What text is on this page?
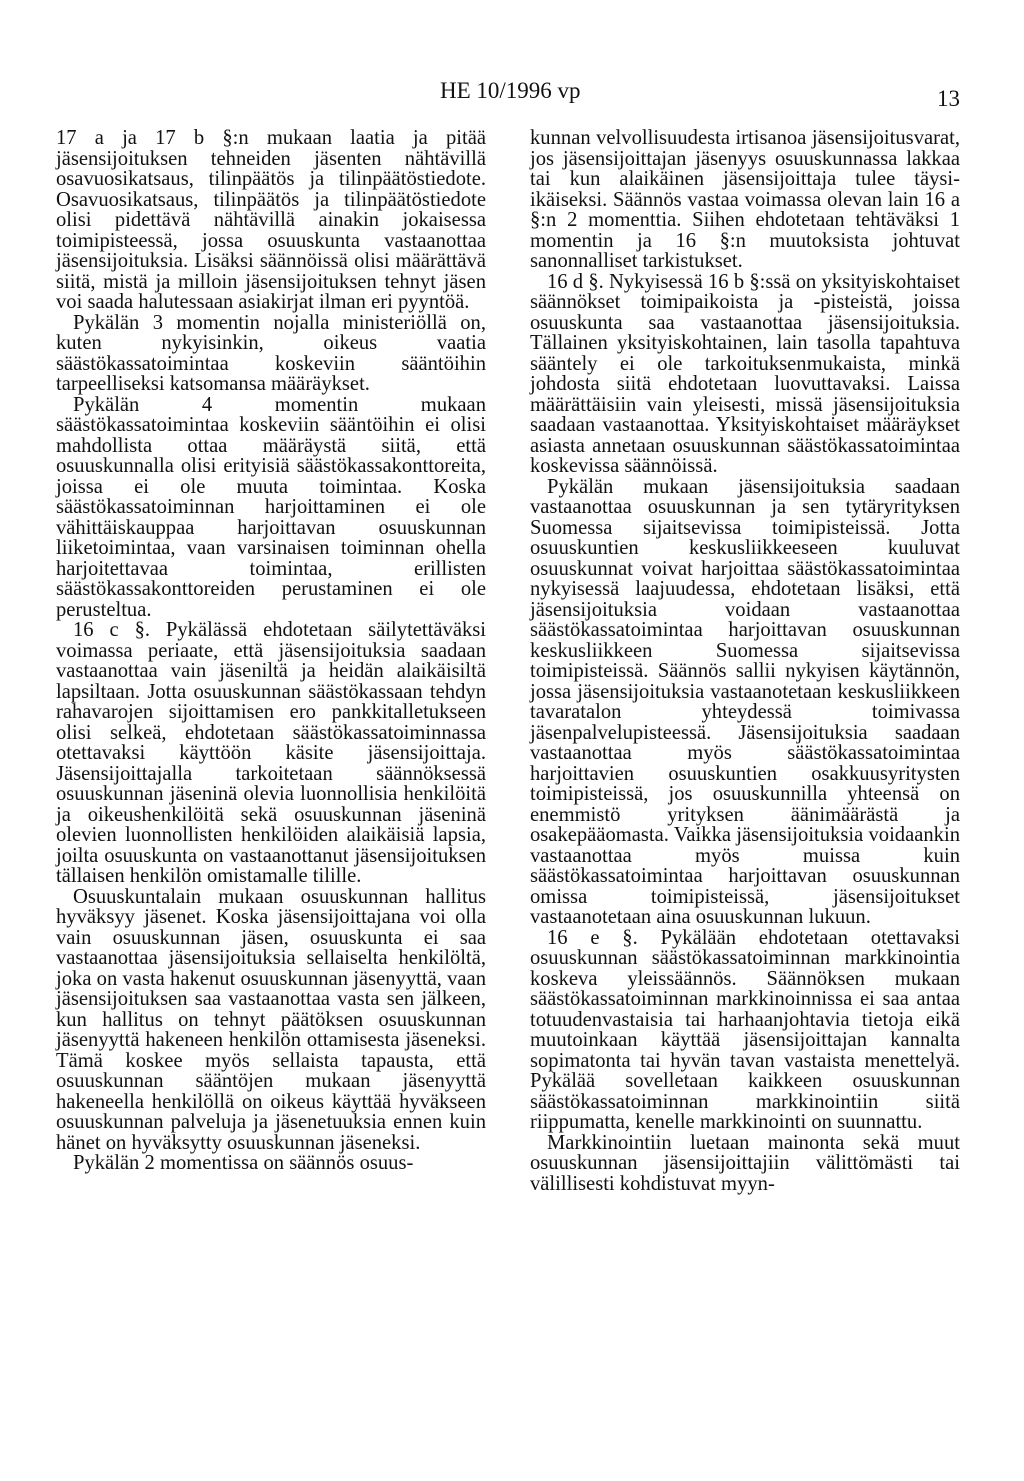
HE 10/1996 vp	13

17 a ja 17 b §:n mukaan laatia ja pitää jäsensijoituksen tehneiden jäsenten nähtävillä osavuosikatsaus, tilinpäätös ja tilinpäätöstiedote. Osavuosikatsaus, tilinpäätös ja tilinpäätöstiedote olisi pidettävä nähtävillä ainakin jokaisessa toimipisteessä, jossa osuuskunta vastaanottaa jäsensijoituksia. Lisäksi säännöissä olisi määrättävä siitä, mistä ja milloin jäsensijoituksen tehnyt jäsen voi saada halutessaan asiakirjat ilman eri pyyntöä.

Pykälän 3 momentin nojalla ministeriöllä on, kuten nykyisinkin, oikeus vaatia säästökassatoimintaa koskeviin sääntöihin tarpeelliseksi katsomansa määräykset.

Pykälän 4 momentin mukaan säästökassatoimintaa koskeviin sääntöihin ei olisi mahdollista ottaa määräystä siitä, että osuuskunnalla olisi erityisiä säästökassakonttoreita, joissa ei ole muuta toimintaa. Koska säästökassatoiminnan harjoittaminen ei ole vähittäiskauppaa harjoittavan osuuskunnan liiketoimintaa, vaan varsinaisen toiminnan ohella harjoitettavaa toimintaa, erillisten säästökassakonttoreiden perustaminen ei ole perusteltua.

16 c §. Pykälässä ehdotetaan säilytettäväksi voimassa periaate, että jäsensijoituksia saadaan vastaanottaa vain jäseniltä ja heidän alaikäisiltä lapsiltaan. Jotta osuuskunnan säästökassaan tehdyn rahavarojen sijoittamisen ero pankkitalletukseen olisi selkeä, ehdotetaan säästökassatoiminnassa otettavaksi käyttöön käsite jäsensijoittaja. Jäsensijoittajalla tarkoitetaan säännöksessä osuuskunnan jäseninä olevia luonnollisia henkilöitä ja oikeushenkilöitä sekä osuuskunnan jäseninä olevien luonnollisten henkilöiden alaikäisiä lapsia, joilta osuuskunta on vastaanottanut jäsensijoituksen tällaisen henkilön omistamalle tilille.

Osuuskuntalain mukaan osuuskunnan hallitus hyväksyy jäsenet. Koska jäsensijoittajana voi olla vain osuuskunnan jäsen, osuuskunta ei saa vastaanottaa jäsensijoituksia sellaiselta henkilöltä, joka on vasta hakenut osuuskunnan jäsenyyttä, vaan jäsensijoituksen saa vastaanottaa vasta sen jälkeen, kun hallitus on tehnyt päätöksen osuuskunnan jäsenyyttä hakeneen henkilön ottamisesta jäseneksi. Tämä koskee myös sellaista tapausta, että osuuskunnan sääntöjen mukaan jäsenyyttä hakeneella henkilöllä on oikeus käyttää hyväkseen osuuskunnan palveluja ja jäsenetuuksia ennen kuin hänet on hyväksytty osuuskunnan jäseneksi.

Pykälän 2 momentissa on säännös osuus-

kunnan velvollisuudesta irtisanoa jäsensijoitusvarat, jos jäsensijoittajan jäsenyys osuuskunnassa lakkaa tai kun alaikäinen jäsensijoittaja tulee täysi-ikäiseksi. Säännös vastaa voimassa olevan lain 16 a §:n 2 momenttia. Siihen ehdotetaan tehtäväksi 1 momentin ja 16 §:n muutoksista johtuvat sanonnalliset tarkistukset.

16 d §. Nykyisessä 16 b §:ssä on yksityiskohtaiset säännökset toimipaikoista ja -pisteistä, joissa osuuskunta saa vastaanottaa jäsensijoituksia. Tällainen yksityiskohtainen, lain tasolla tapahtuva sääntely ei ole tarkoituksenmukaista, minkä johdosta siitä ehdotetaan luovuttavaksi. Laissa määrättäisiin vain yleisesti, missä jäsensijoituksia saadaan vastaanottaa. Yksityiskohtaiset määräykset asiasta annetaan osuuskunnan säästökassatoimintaa koskevissa säännöissä.

Pykälän mukaan jäsensijoituksia saadaan vastaanottaa osuuskunnan ja sen tytäryrityksen Suomessa sijaitsevissa toimipisteissä. Jotta osuuskuntien keskusliikkeeseen kuuluvat osuuskunnat voivat harjoittaa säästökassatoimintaa nykyisessä laajuudessa, ehdotetaan lisäksi, että jäsensijoituksia voidaan vastaanottaa säästökassatoimintaa harjoittavan osuuskunnan keskusliikkeen Suomessa sijaitsevissa toimipisteissä. Säännös sallii nykyisen käytännön, jossa jäsensijoituksia vastaanotetaan keskusliikkeen tavaratalon yhteydessä toimivassa jäsenpalvelupisteessä. Jäsensijoituksia saadaan vastaanottaa myös säästökassatoimintaa harjoittavien osuuskuntien osakkuusyritysten toimipisteissä, jos osuuskunnilla yhteensä on enemmistö yrityksen äänimäärästä ja osakepääomasta. Vaikka jäsensijoituksia voidaankin vastaanottaa myös muissa kuin säästökassatoimintaa harjoittavan osuuskunnan omissa toimipisteissä, jäsensijoitukset vastaanotetaan aina osuuskunnan lukuun.

16 e §. Pykälään ehdotetaan otettavaksi osuuskunnan säästökassatoiminnan markkinointia koskeva yleissäännös. Säännöksen mukaan säästökassatoiminnan markkinoinnissa ei saa antaa totuudenvastaisia tai harhaanjohtavia tietoja eikä muutoinkaan käyttää jäsensijoittajan kannalta sopimatonta tai hyvän tavan vastaista menettelyä. Pykälää sovelletaan kaikkeen osuuskunnan säästökassatoiminnan markkinointiin siitä riippumatta, kenelle markkinointi on suunnattu.

Markkinointiin luetaan mainonta sekä muut osuuskunnan jäsensijoittajiin välittömästi tai välillisesti kohdistuvat myyn-
